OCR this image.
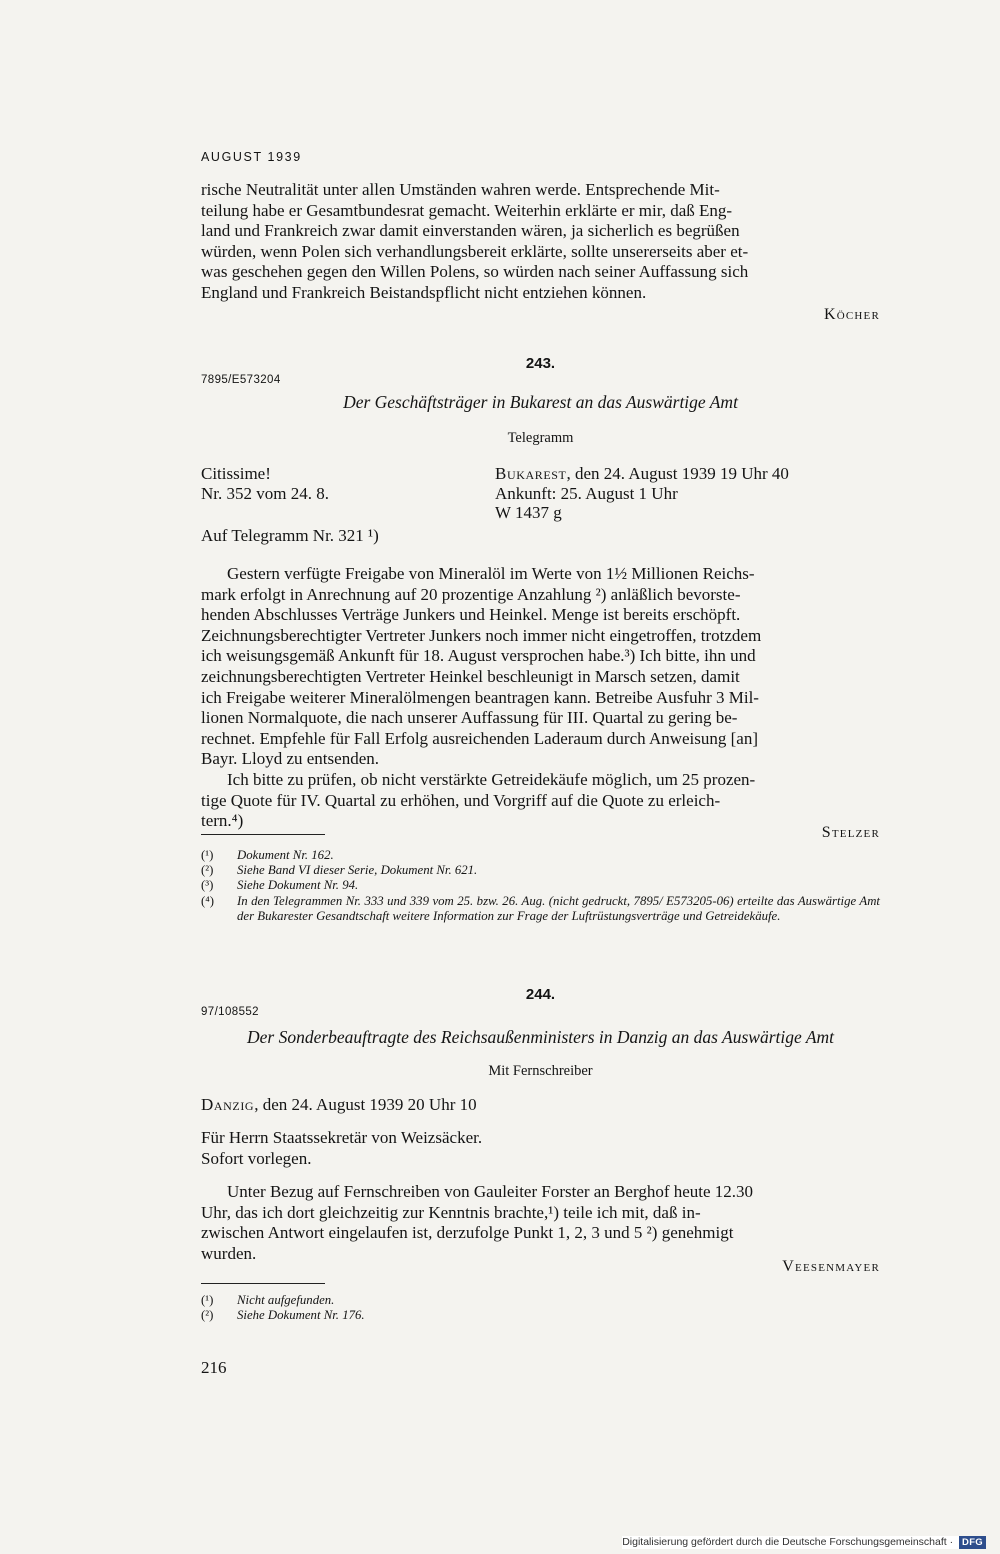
AUGUST 1939
rische Neutralität unter allen Umständen wahren werde. Entsprechende Mit-
teilung habe er Gesamtbundesrat gemacht. Weiterhin erklärte er mir, daß Eng-
land und Frankreich zwar damit einverstanden wären, ja sicherlich es begrüßen
würden, wenn Polen sich verhandlungsbereit erklärte, sollte unsererseits aber et-
was geschehen gegen den Willen Polens, so würden nach seiner Auffassung sich
England und Frankreich Beistandspflicht nicht entziehen können.
Köcher
243.
7895/E573204
Der Geschäftsträger in Bukarest an das Auswärtige Amt
Telegramm
Citissime!	Bukarest, den 24. August 1939 19 Uhr 40
Nr. 352 vom 24. 8.	Ankunft: 25. August 1 Uhr
W 1437 g
Auf Telegramm Nr. 321 ¹)
Gestern verfügte Freigabe von Mineralöl im Werte von 1½ Millionen Reichs-
mark erfolgt in Anrechnung auf 20 prozentige Anzahlung ²) anläßlich bevorste-
henden Abschlusses Verträge Junkers und Heinkel. Menge ist bereits erschöpft.
Zeichnungsberechtigter Vertreter Junkers noch immer nicht eingetroffen, trotzdem
ich weisungsgemäß Ankunft für 18. August versprochen habe.³) Ich bitte, ihn und
zeichnungsberechtigten Vertreter Heinkel beschleunigt in Marsch setzen, damit
ich Freigabe weiterer Mineralölmengen beantragen kann. Betreibe Ausfuhr 3 Mil-
lionen Normalquote, die nach unserer Auffassung für III. Quartal zu gering be-
rechnet. Empfehle für Fall Erfolg ausreichenden Laderaum durch Anweisung [an]
Bayr. Lloyd zu entsenden.
Ich bitte zu prüfen, ob nicht verstärkte Getreidekäufe möglich, um 25 prozen-
tige Quote für IV. Quartal zu erhöhen, und Vorgriff auf die Quote zu erleich-
tern.⁴)
Stelzer
(¹)	Dokument Nr. 162.
(²)	Siehe Band VI dieser Serie, Dokument Nr. 621.
(³)	Siehe Dokument Nr. 94.
(⁴)	In den Telegrammen Nr. 333 und 339 vom 25. bzw. 26. Aug. (nicht gedruckt, 7895/ E573205-06) erteilte das Auswärtige Amt der Bukarester Gesandtschaft weitere Information zur Frage der Luftrüstungsverträge und Getreidekäufe.
244.
97/108552
Der Sonderbeauftragte des Reichsaußenministers in Danzig an das Auswärtige Amt
Mit Fernschreiber
Danzig, den 24. August 1939 20 Uhr 10
Für Herrn Staatssekretär von Weizsäcker.
Sofort vorlegen.
Unter Bezug auf Fernschreiben von Gauleiter Forster an Berghof heute 12.30
Uhr, das ich dort gleichzeitig zur Kenntnis brachte,¹) teile ich mit, daß in-
zwischen Antwort eingelaufen ist, derzufolge Punkt 1, 2, 3 und 5 ²) genehmigt
wurden.
Veesenmayer
(¹)	Nicht aufgefunden.
(²)	Siehe Dokument Nr. 176.
216
Digitalisierung gefördert durch die Deutsche Forschungsgemeinschaft · DFG
